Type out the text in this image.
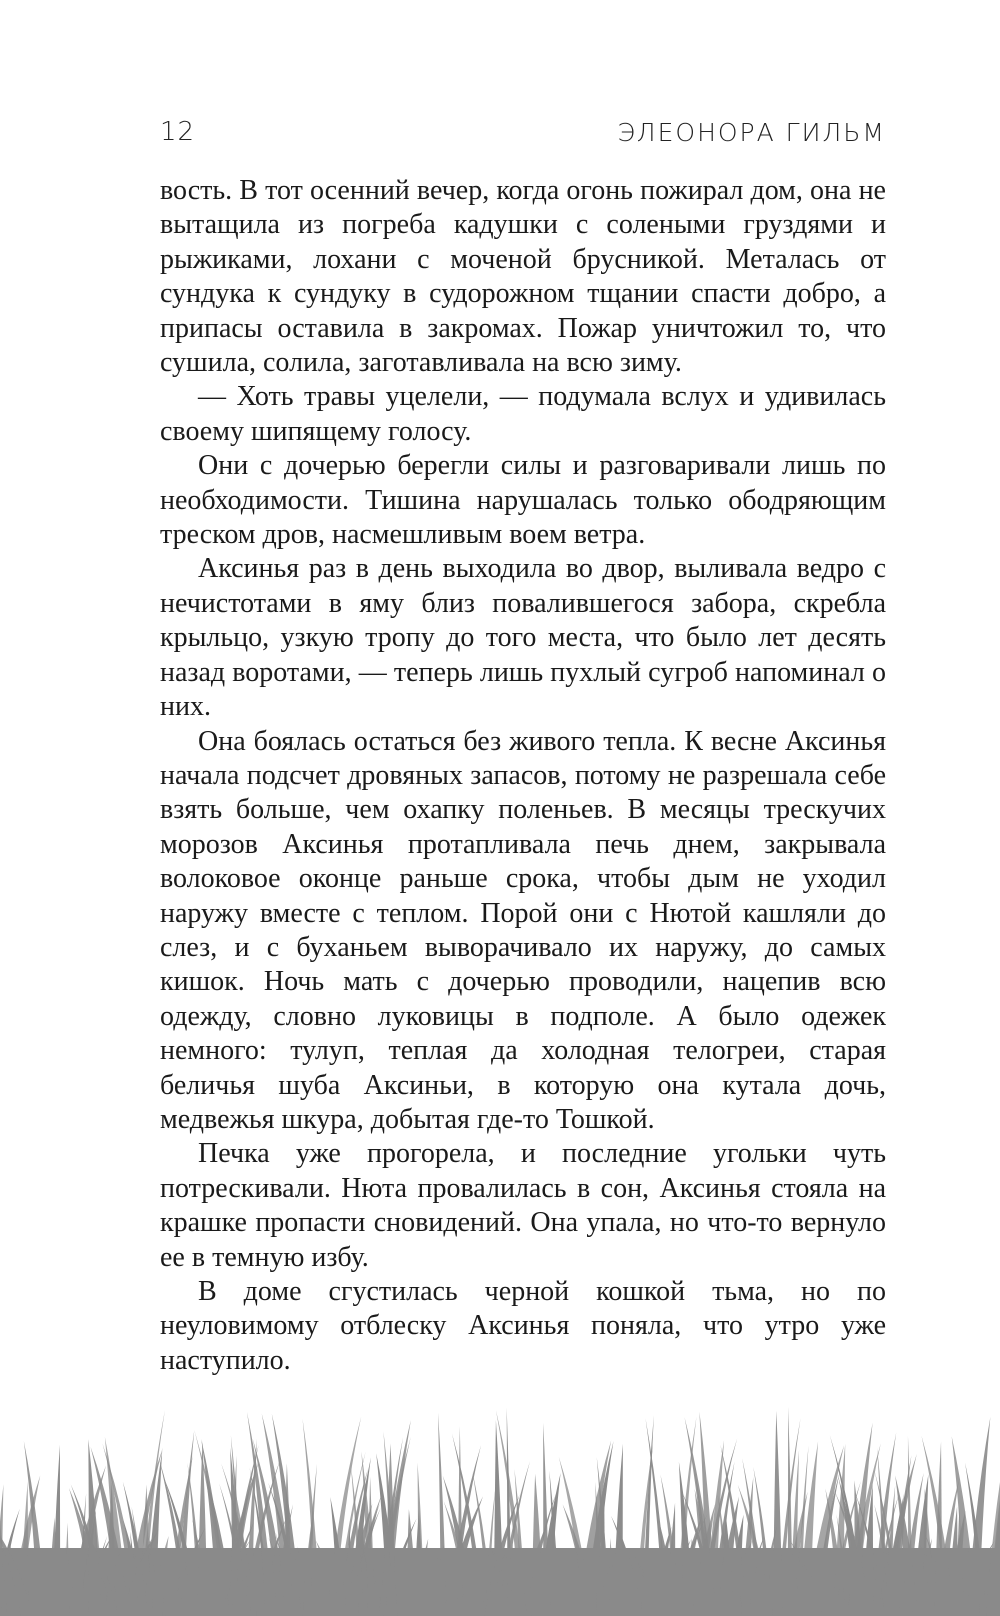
12	ЭЛЕОНОРА ГИЛЬМ

вость. В тот осенний вечер, когда огонь пожирал дом, она не вытащила из погреба кадушки с солеными груздями и рыжиками, лохани с моченой брусникой. Металась от сундука к сундуку в судорожном тщании спасти добро, а припасы оставила в закромах. Пожар уничтожил то, что сушила, солила, заготавливала на всю зиму.

— Хоть травы уцелели, — подумала вслух и удивилась своему шипящему голосу.

Они с дочерью берегли силы и разговаривали лишь по необходимости. Тишина нарушалась только ободряющим треском дров, насмешливым воем ветра.

Аксинья раз в день выходила во двор, выливала ведро с нечистотами в яму близ повалившегося забора, скребла крыльцо, узкую тропу до того места, что было лет десять назад воротами, — теперь лишь пухлый сугроб напоминал о них.

Она боялась остаться без живого тепла. К весне Аксинья начала подсчет дровяных запасов, потому не разрешала себе взять больше, чем охапку поленьев. В месяцы трескучих морозов Аксинья протапливала печь днем, закрывала волоковое оконце раньше срока, чтобы дым не уходил наружу вместе с теплом. Порой они с Нютой кашляли до слез, и с буханьем выворачивало их наружу, до самых кишок. Ночь мать с дочерью проводили, нацепив всю одежду, словно луковицы в подполе. А было одежек немного: тулуп, теплая да холодная телогреи, старая беличья шуба Аксиньи, в которую она кутала дочь, медвежья шкура, добытая где-то Тошкой.

Печка уже прогорела, и последние угольки чуть потрескивали. Нюта провалилась в сон, Аксинья стояла на крашке пропасти сновидений. Она упала, но что-то вернуло ее в темную избу.

В доме сгустилась черной кошкой тьма, но по неуловимому отблеску Аксинья поняла, что утро уже наступило.
